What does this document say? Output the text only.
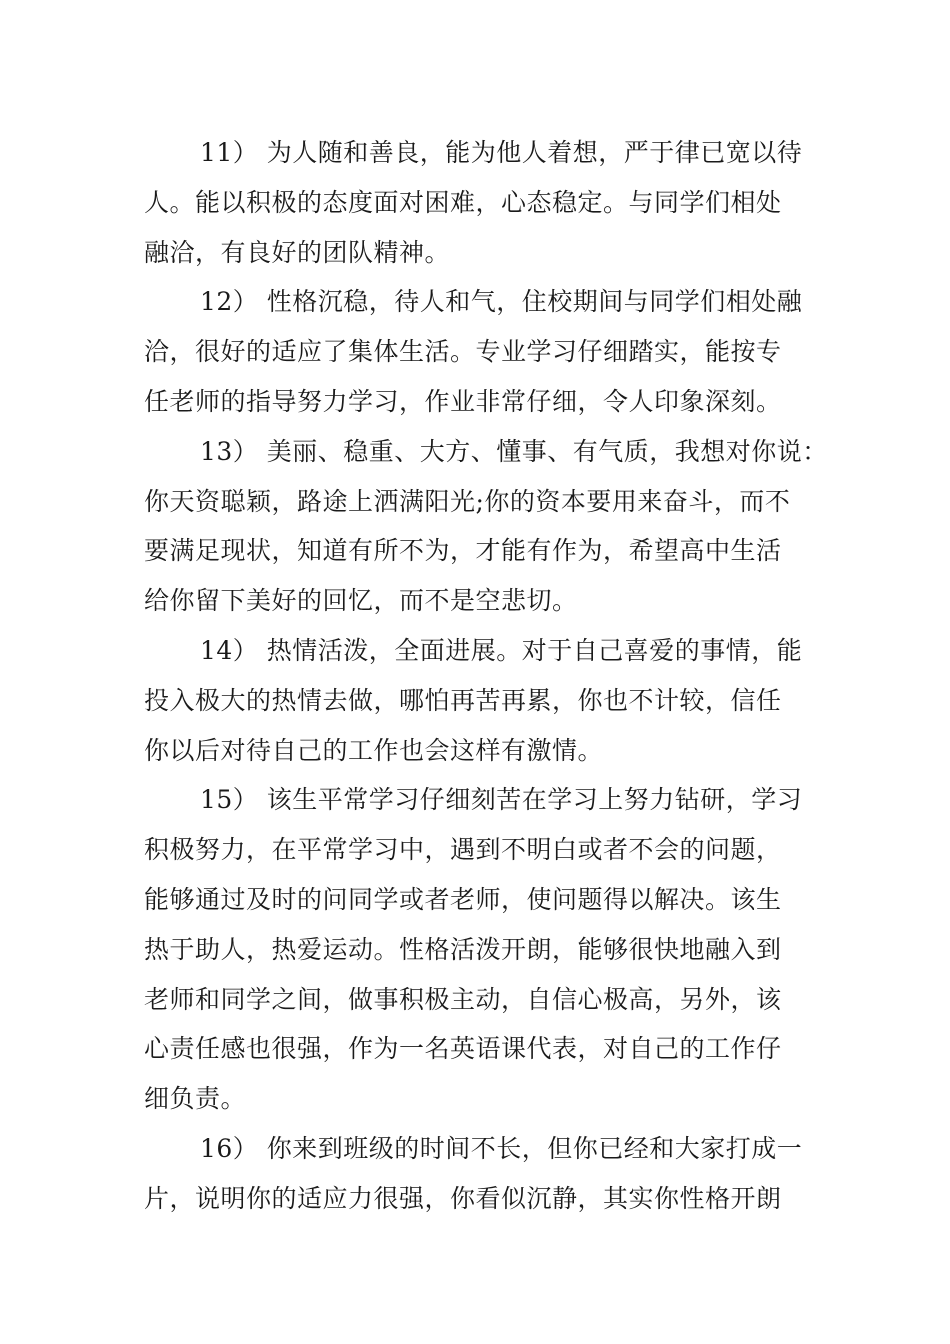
11） 为人随和善良，能为他人着想，严于律已宽以待
人。能以积极的态度面对困难，心态稳定。与同学们相处
融洽，有良好的团队精神。
12） 性格沉稳，待人和气，住校期间与同学们相处融
洽，很好的适应了集体生活。专业学习仔细踏实，能按专
任老师的指导努力学习，作业非常仔细，令人印象深刻。
13） 美丽、稳重、大方、懂事、有气质，我想对你说：
你天资聪颖，路途上洒满阳光;你的资本要用来奋斗，而不
要满足现状，知道有所不为，才能有作为，希望高中生活
给你留下美好的回忆，而不是空悲切。
14） 热情活泼，全面进展。对于自己喜爱的事情，能
投入极大的热情去做，哪怕再苦再累，你也不计较，信任
你以后对待自己的工作也会这样有激情。
15） 该生平常学习仔细刻苦在学习上努力钻研，学习
积极努力，在平常学习中，遇到不明白或者不会的问题，
能够通过及时的问同学或者老师，使问题得以解决。该生
热于助人，热爱运动。性格活泼开朗，能够很快地融入到
老师和同学之间，做事积极主动，自信心极高，另外，该
心责任感也很强，作为一名英语课代表，对自己的工作仔
细负责。
16） 你来到班级的时间不长，但你已经和大家打成一
片，说明你的适应力很强，你看似沉静，其实你性格开朗
